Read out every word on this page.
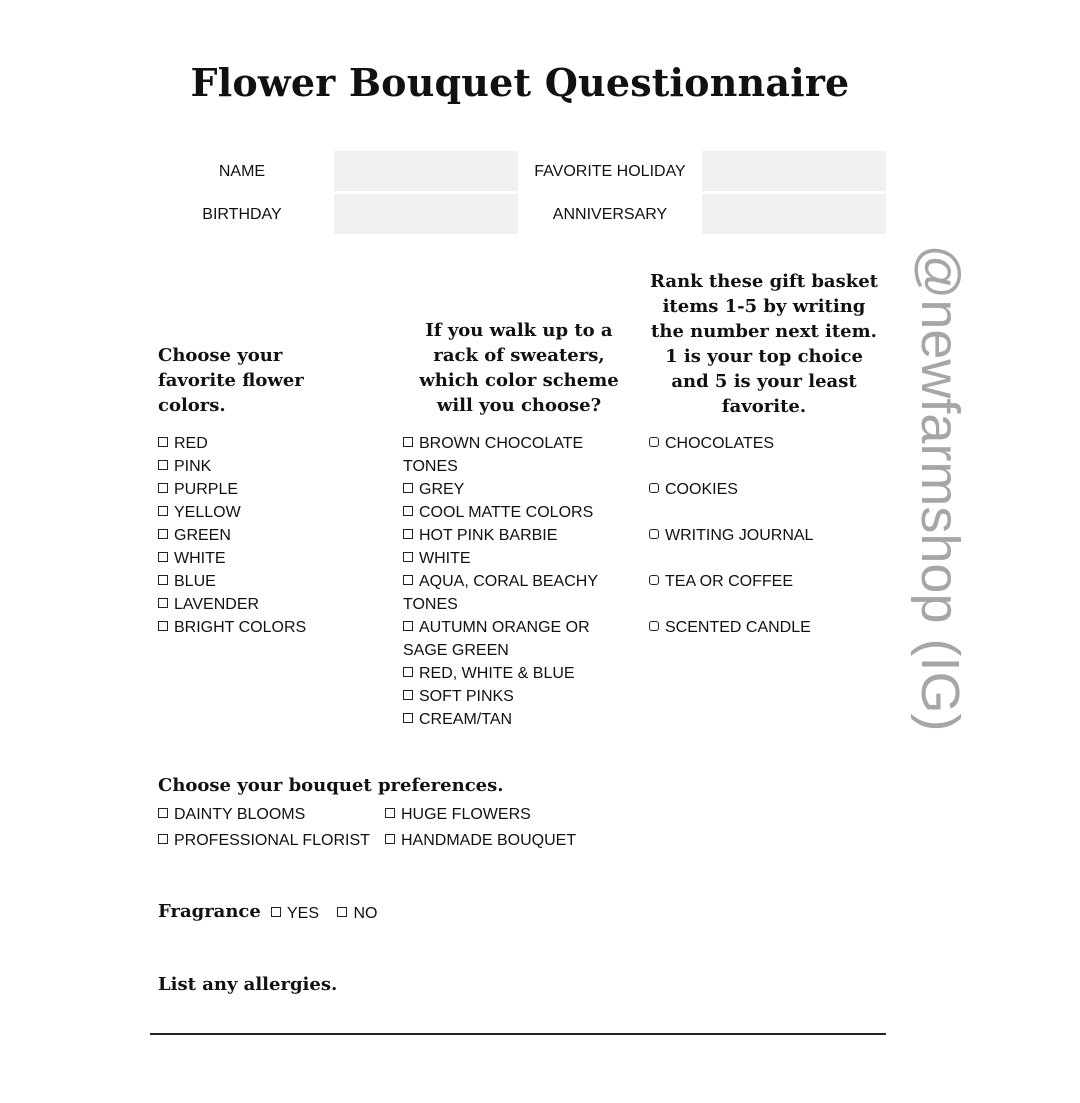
Flower Bouquet Questionnaire
NAME	FAVORITE HOLIDAY
BIRTHDAY	ANNIVERSARY
Choose your favorite flower colors.
If you walk up to a rack of sweaters, which color scheme will you choose?
Rank these gift basket items 1-5 by writing the number next item. 1 is your top choice and 5 is your least favorite.
RED
PINK
PURPLE
YELLOW
GREEN
WHITE
BLUE
LAVENDER
BRIGHT COLORS
BROWN CHOCOLATE TONES
GREY
COOL MATTE COLORS
HOT PINK BARBIE
WHITE
AQUA, CORAL BEACHY TONES
AUTUMN ORANGE OR SAGE GREEN
RED, WHITE & BLUE
SOFT PINKS
CREAM/TAN
CHOCOLATES
COOKIES
WRITING JOURNAL
TEA OR COFFEE
SCENTED CANDLE
Choose your bouquet preferences.
DAINTY BLOOMS
PROFESSIONAL FLORIST
HUGE FLOWERS
HANDMADE BOUQUET
Fragrance	YES NO
List any allergies.
@newfarmshop (IG)
